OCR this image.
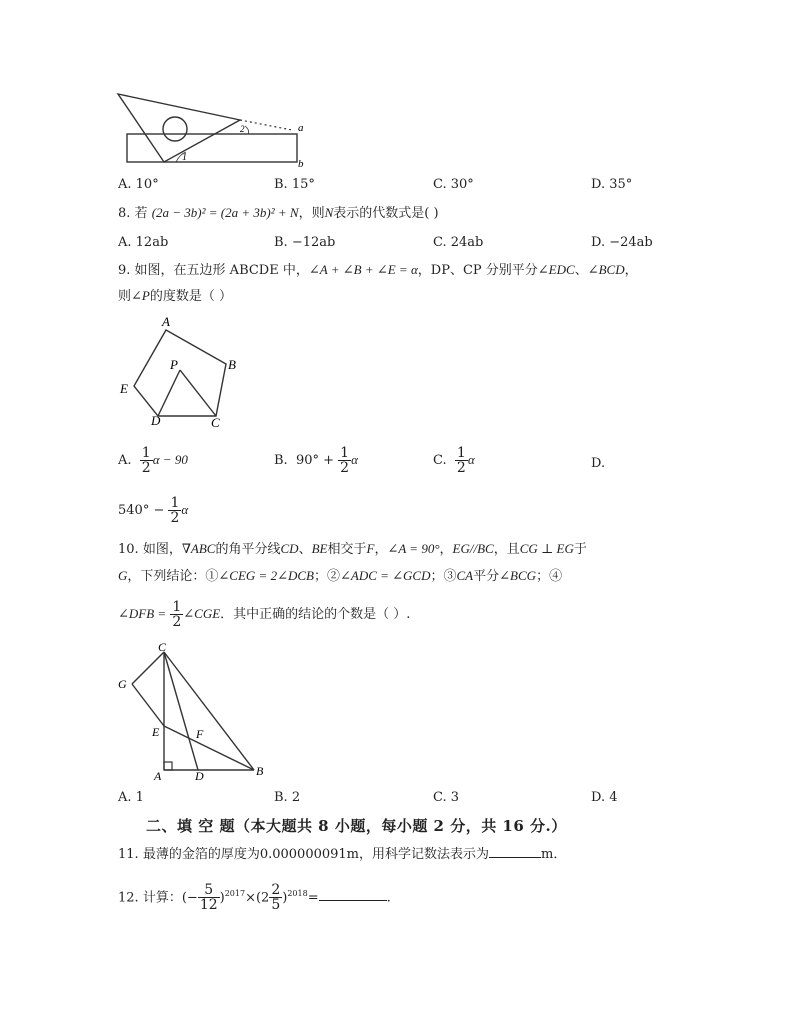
2
1
a
b
A. 10°	B. 15°	C. 30°	D. 35°
8. 若 (2a − 3b)² = (2a + 3b)² + N，则N表示的代数式是( )
A. 12ab	B. −12ab	C. 24ab	D. −24ab
9. 如图，在五边形 ABCDE 中，∠A + ∠B + ∠E = α，DP、CP 分别平分∠EDC、∠BCD，
则∠P的度数是（ ）
A
B
C
D
E
P
A. $\frac{1}{2}$ α − 90	B. $90^\circ + \frac{1}{2}$ α	C. $\frac{1}{2}$ α	D.
$540^\circ - \frac{1}{2}$ α
10. 如图，∇ABC的角平分线CD、BE相交于F，∠A = 90°，EG//BC，且CG ⊥ EG于
G，下列结论：①∠CEG = 2∠DCB；②∠ADC = ∠GCD；③CA平分∠BCG；④
∠DFB = $\frac{1}{2}$ ∠CGE．其中正确的结论的个数是（ ）.
C
G
E	F
A	D	B
A. 1	B. 2	C. 3	D. 4
二、填 空 题（本大题共 8 小题，每小题 2 分，共 16 分.）
11. 最薄的金箔的厚度为0.000000091m，用科学记数法表示为	m．
12. 计算：(− $\frac{5}{12} )^{2017}\times(2 \frac{2}{5} )^{2018}=$	.
